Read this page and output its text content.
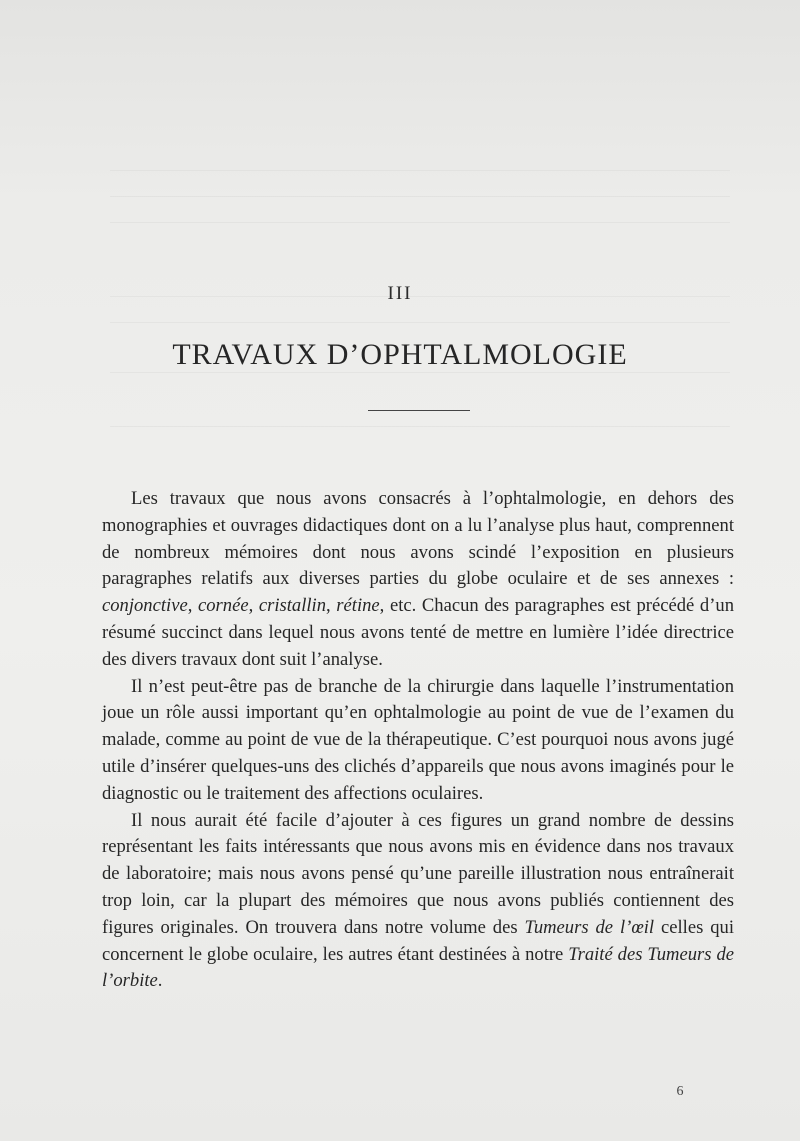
III
TRAVAUX D’OPHTALMOLOGIE

Les travaux que nous avons consacrés à l’ophtalmologie, en dehors des monographies et ouvrages didactiques dont on a lu l’analyse plus haut, comprennent de nombreux mémoires dont nous avons scindé l’exposition en plusieurs paragraphes relatifs aux diverses parties du globe oculaire et de ses annexes : conjonctive, cornée, cristallin, rétine, etc. Chacun des paragraphes est précédé d’un résumé succinct dans lequel nous avons tenté de mettre en lumière l’idée directrice des divers travaux dont suit l’analyse.

Il n’est peut-être pas de branche de la chirurgie dans laquelle l’instrumentation joue un rôle aussi important qu’en ophtalmologie au point de vue de l’examen du malade, comme au point de vue de la thérapeutique. C’est pourquoi nous avons jugé utile d’insérer quelques-uns des clichés d’appareils que nous avons imaginés pour le diagnostic ou le traitement des affections oculaires.

Il nous aurait été facile d’ajouter à ces figures un grand nombre de dessins représentant les faits intéressants que nous avons mis en évidence dans nos travaux de laboratoire; mais nous avons pensé qu’une pareille illustration nous entraînerait trop loin, car la plupart des mémoires que nous avons publiés contiennent des figures originales. On trouvera dans notre volume des Tumeurs de l’œil celles qui concernent le globe oculaire, les autres étant destinées à notre Traité des Tumeurs de l’orbite.

6
